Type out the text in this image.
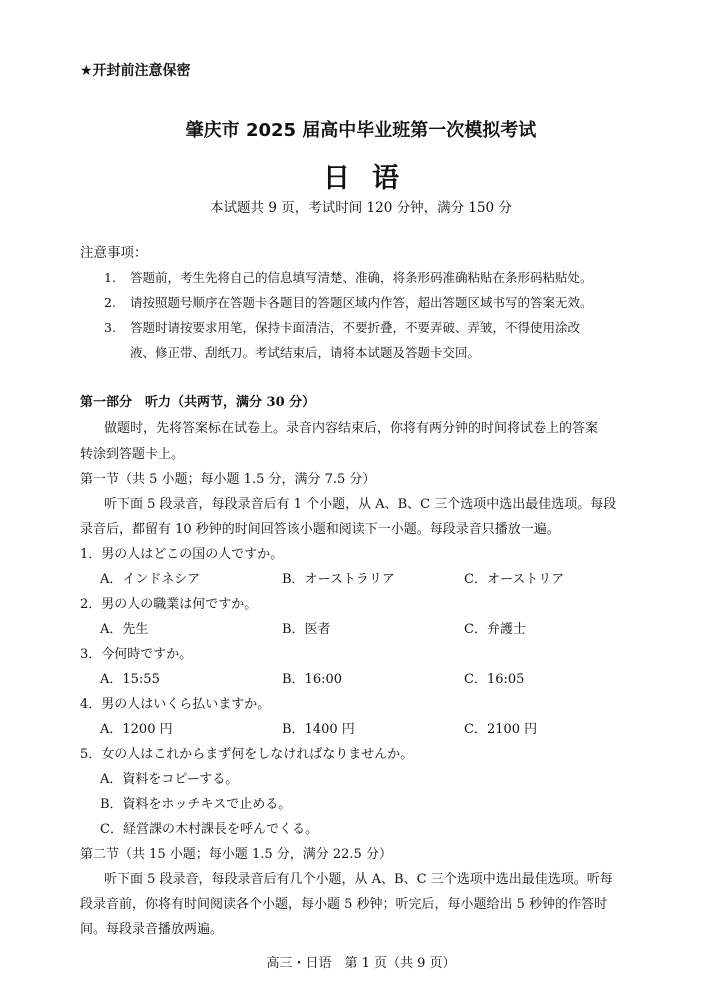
★开封前注意保密
肇庆市 2025 届高中毕业班第一次模拟考试
日语
本试题共 9 页，考试时间 120 分钟，满分 150 分
注意事项：
1. 答题前，考生先将自己的信息填写清楚、准确，将条形码准确粘贴在条形码粘贴处。
2. 请按照题号顺序在答题卡各题目的答题区域内作答，超出答题区域书写的答案无效。
3. 答题时请按要求用笔，保持卡面清洁，不要折叠，不要弄破、弄皱，不得使用涂改
液、修正带、刮纸刀。考试结束后，请将本试题及答题卡交回。
第一部分　听力（共两节，满分 30 分）
做题时，先将答案标在试卷上。录音内容结束后，你将有两分钟的时间将试卷上的答案
转涂到答题卡上。
第一节（共 5 小题；每小题 1.5 分，满分 7.5 分）
听下面 5 段录音，每段录音后有 1 个小题，从 A、B、C 三个选项中选出最佳选项。每段
录音后，都留有 10 秒钟的时间回答该小题和阅读下一小题。每段录音只播放一遍。
1．男の人はどこの国の人ですか。
A．インドネシア	B．オーストラリア	C．オーストリア
2．男の人の職業は何ですか。
A．先生	B．医者	C．弁護士
3．今何時ですか。
A．15:55	B．16:00	C．16:05
4．男の人はいくら払いますか。
A．1200 円	B．1400 円	C．2100 円
5．女の人はこれからまず何をしなければなりませんか。
A．資料をコピーする。
B．資料をホッチキスで止める。
C．経営課の木村課長を呼んでくる。
第二节（共 15 小题；每小题 1.5 分，满分 22.5 分）
听下面 5 段录音，每段录音后有几个小题，从 A、B、C 三个选项中选出最佳选项。听每
段录音前，你将有时间阅读各个小题，每小题 5 秒钟；听完后，每小题给出 5 秒钟的作答时
间。每段录音播放两遍。
高三・日语　第 1 页（共 9 页）
